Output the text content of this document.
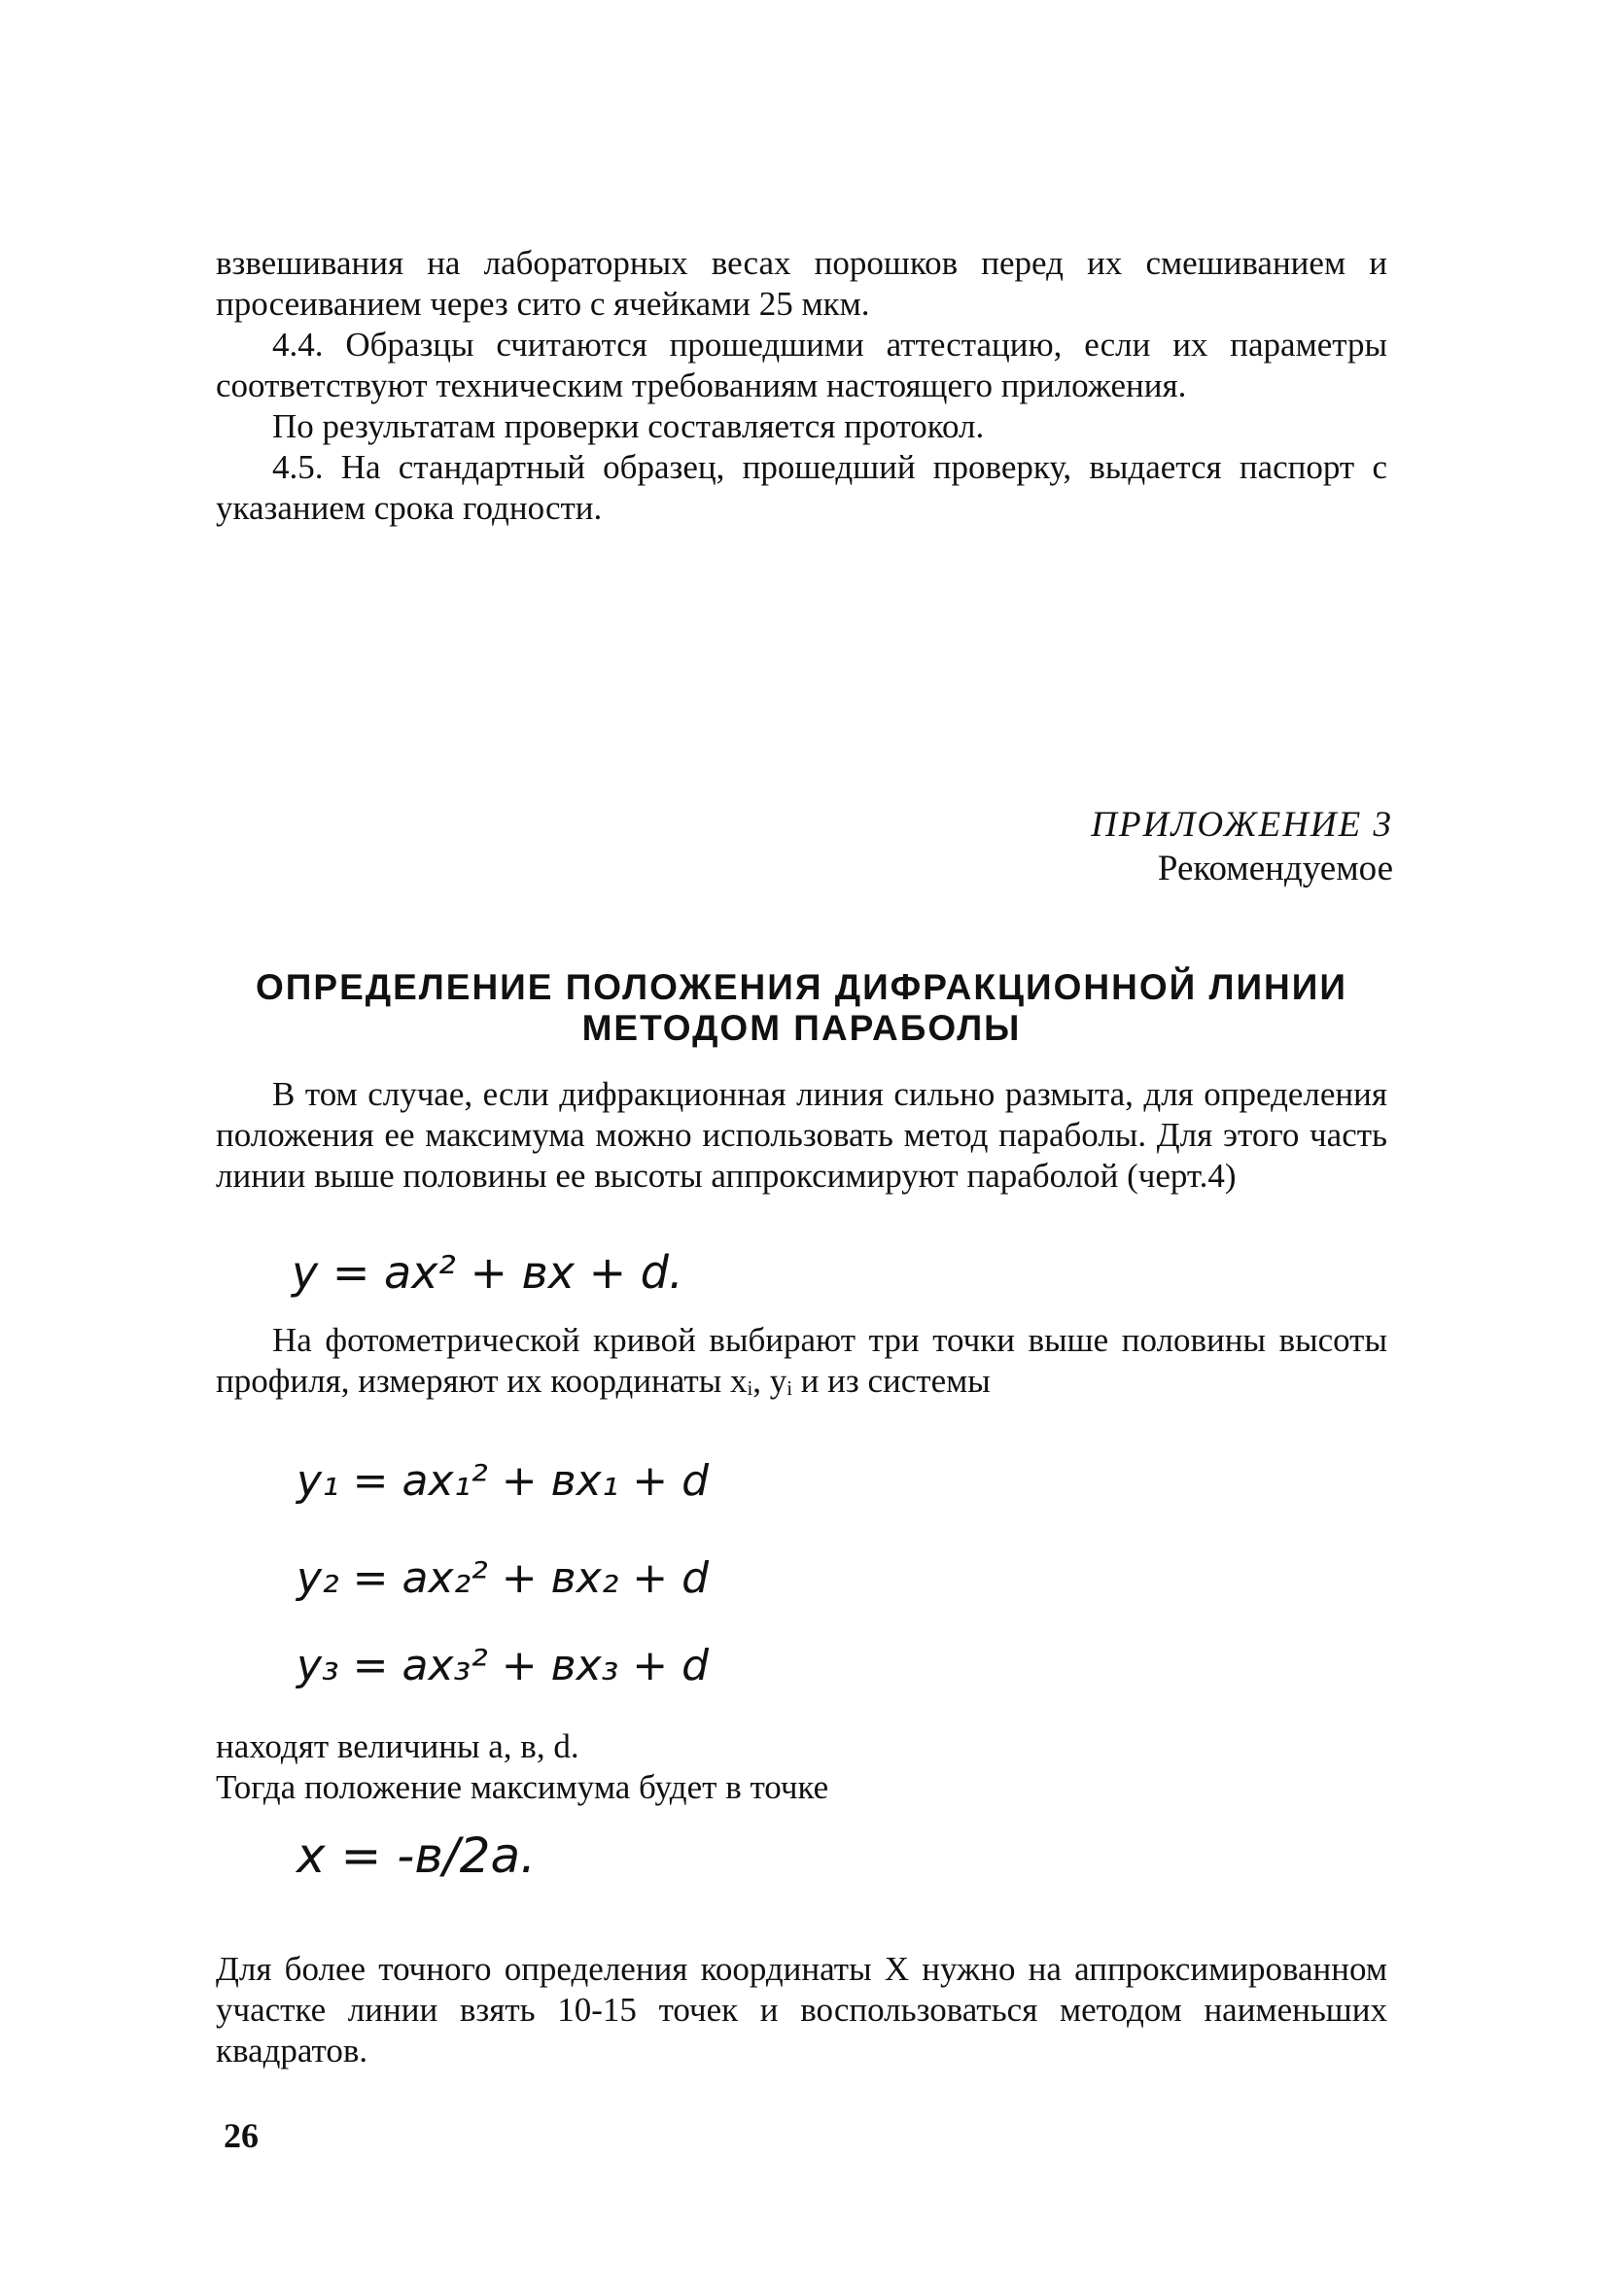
взвешивания на лабораторных весах порошков перед их смешиванием и просеиванием через сито с ячейками 25 мкм.

4.4. Образцы считаются прошедшими аттестацию, если их параметры соответствуют техническим требованиям настоящего приложения.

По результатам проверки составляется протокол.

4.5. На стандартный образец, прошедший проверку, выдается паспорт с указанием срока годности.

ПРИЛОЖЕНИЕ 3
Рекомендуемое
ОПРЕДЕЛЕНИЕ ПОЛОЖЕНИЯ ДИФРАКЦИОННОЙ ЛИНИИ
МЕТОДОМ ПАРАБОЛЫ

В том случае, если дифракционная линия сильно размыта, для определения положения ее максимума можно использовать метод параболы. Для этого часть линии выше половины ее высоты аппроксимируют параболой (черт.4)

y = ax² + вx + d.

На фотометрической кривой выбирают три точки выше половины высоты профиля, измеряют их координаты xᵢ, yᵢ и из системы

y₁ = ax₁² + вx₁ + d
y₂ = ax₂² + вx₂ + d
y₃ = ax₃² + вx₃ + d

находят величины a, в, d.

Тогда положение максимума будет в точке

x = -в/2a.

Для более точного определения координаты X нужно на аппроксимированном участке линии взять 10-15 точек и воспользоваться методом наименьших квадратов.

26
